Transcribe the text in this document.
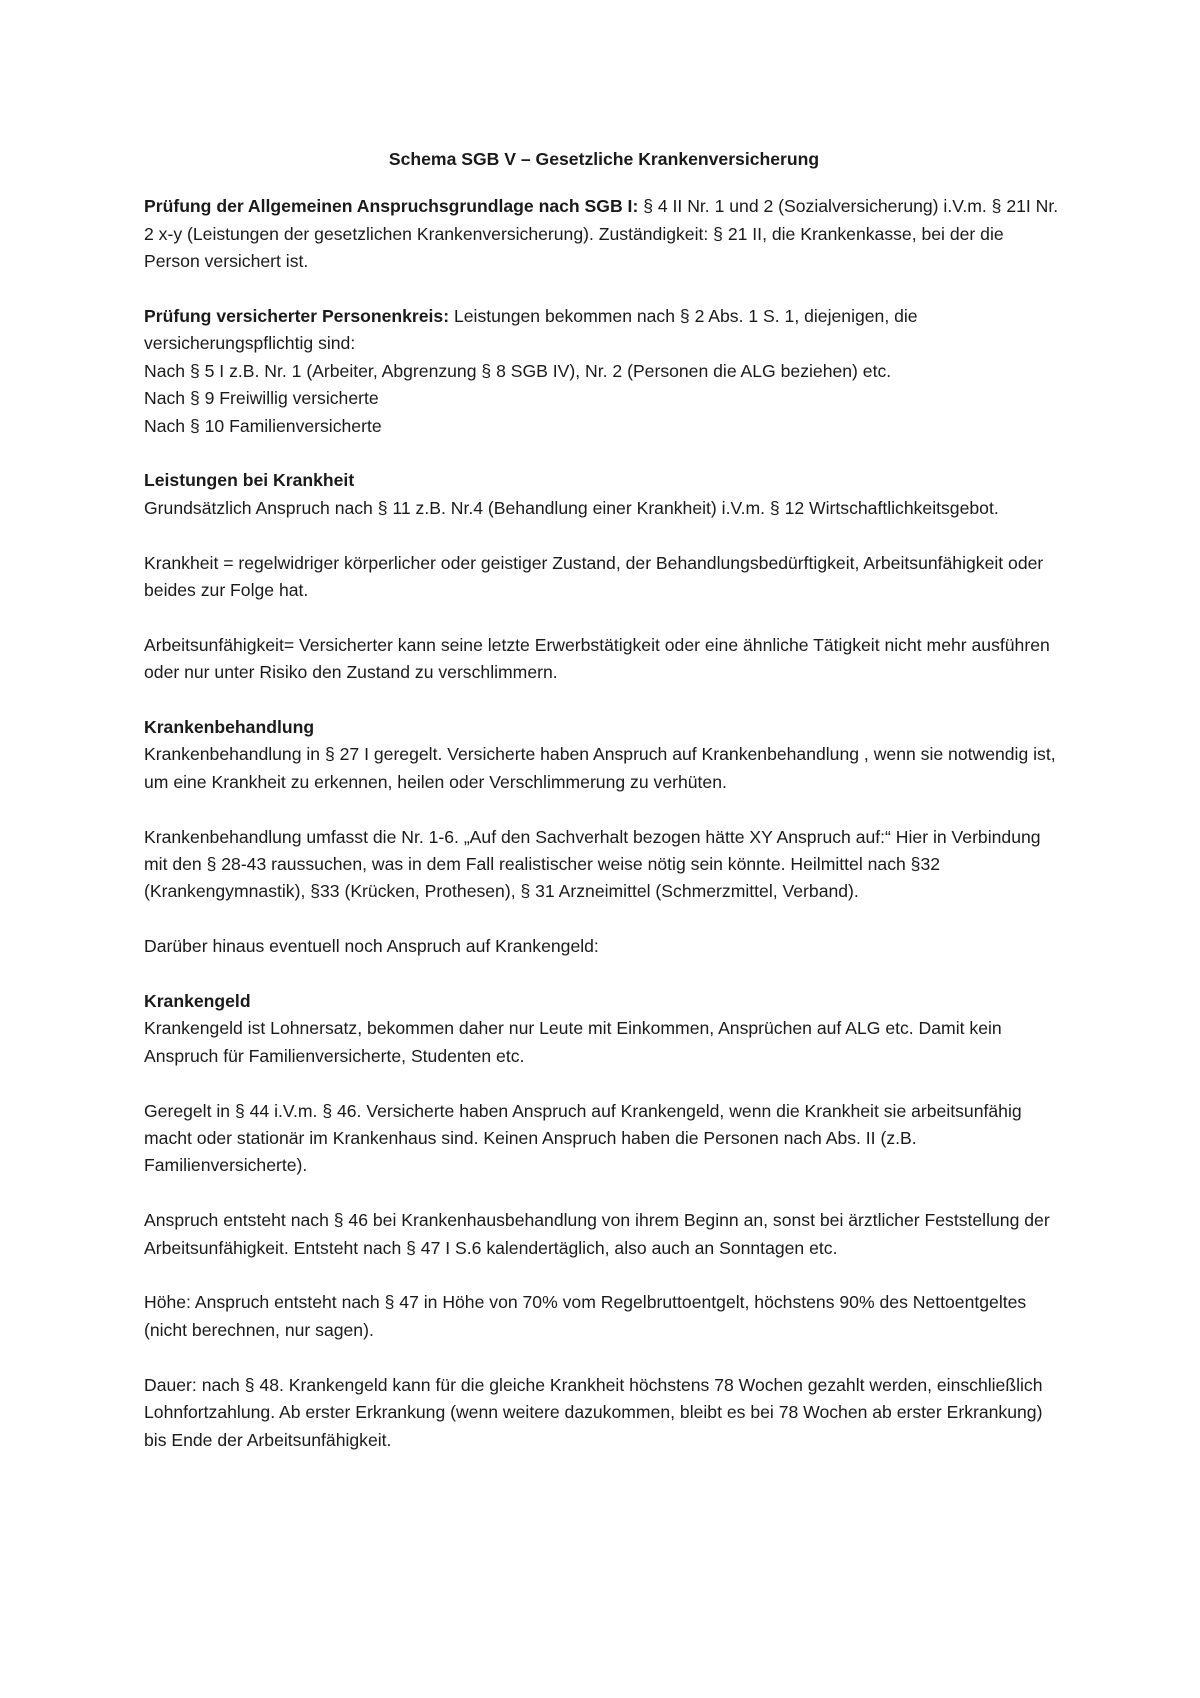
Schema SGB V – Gesetzliche Krankenversicherung

Prüfung der Allgemeinen Anspruchsgrundlage nach SGB I: § 4 II Nr. 1 und 2 (Sozialversicherung) i.V.m. § 21I Nr. 2 x-y (Leistungen der gesetzlichen Krankenversicherung). Zuständigkeit: § 21 II, die Krankenkasse, bei der die Person versichert ist.

Prüfung versicherter Personenkreis: Leistungen bekommen nach § 2 Abs. 1 S. 1, diejenigen, die versicherungspflichtig sind:

Nach § 5 I z.B. Nr. 1 (Arbeiter, Abgrenzung § 8 SGB IV), Nr. 2 (Personen die ALG beziehen) etc.

Nach § 9 Freiwillig versicherte

Nach § 10 Familienversicherte

Leistungen bei Krankheit

Grundsätzlich Anspruch nach § 11 z.B. Nr.4 (Behandlung einer Krankheit) i.V.m. § 12 Wirtschaftlichkeitsgebot.

Krankheit = regelwidriger körperlicher oder geistiger Zustand, der Behandlungsbedürftigkeit, Arbeitsunfähigkeit oder beides zur Folge hat.

Arbeitsunfähigkeit= Versicherter kann seine letzte Erwerbstätigkeit oder eine ähnliche Tätigkeit nicht mehr ausführen oder nur unter Risiko den Zustand zu verschlimmern.

Krankenbehandlung

Krankenbehandlung in § 27 I geregelt. Versicherte haben Anspruch auf Krankenbehandlung , wenn sie notwendig ist, um eine Krankheit zu erkennen, heilen oder Verschlimmerung zu verhüten.

Krankenbehandlung umfasst die Nr. 1-6. „Auf den Sachverhalt bezogen hätte XY Anspruch auf:“ Hier in Verbindung mit den § 28-43 raussuchen, was in dem Fall realistischer weise nötig sein könnte. Heilmittel nach §32 (Krankengymnastik), §33 (Krücken, Prothesen), § 31 Arzneimittel (Schmerzmittel, Verband).

Darüber hinaus eventuell noch Anspruch auf Krankengeld:

Krankengeld

Krankengeld ist Lohnersatz, bekommen daher nur Leute mit Einkommen, Ansprüchen auf ALG etc. Damit kein Anspruch für Familienversicherte, Studenten etc.

Geregelt in § 44 i.V.m. § 46. Versicherte haben Anspruch auf Krankengeld, wenn die Krankheit sie arbeitsunfähig macht oder stationär im Krankenhaus sind. Keinen Anspruch haben die Personen nach Abs. II (z.B. Familienversicherte).

Anspruch entsteht nach § 46 bei Krankenhausbehandlung von ihrem Beginn an, sonst bei ärztlicher Feststellung der Arbeitsunfähigkeit. Entsteht nach § 47 I S.6 kalendertäglich, also auch an Sonntagen etc.

Höhe: Anspruch entsteht nach § 47 in Höhe von 70% vom Regelbruttoentgelt, höchstens 90% des Nettoentgeltes (nicht berechnen, nur sagen).

Dauer: nach § 48. Krankengeld kann für die gleiche Krankheit höchstens 78 Wochen gezahlt werden, einschließlich Lohnfortzahlung. Ab erster Erkrankung (wenn weitere dazukommen, bleibt es bei 78 Wochen ab erster Erkrankung) bis Ende der Arbeitsunfähigkeit.
